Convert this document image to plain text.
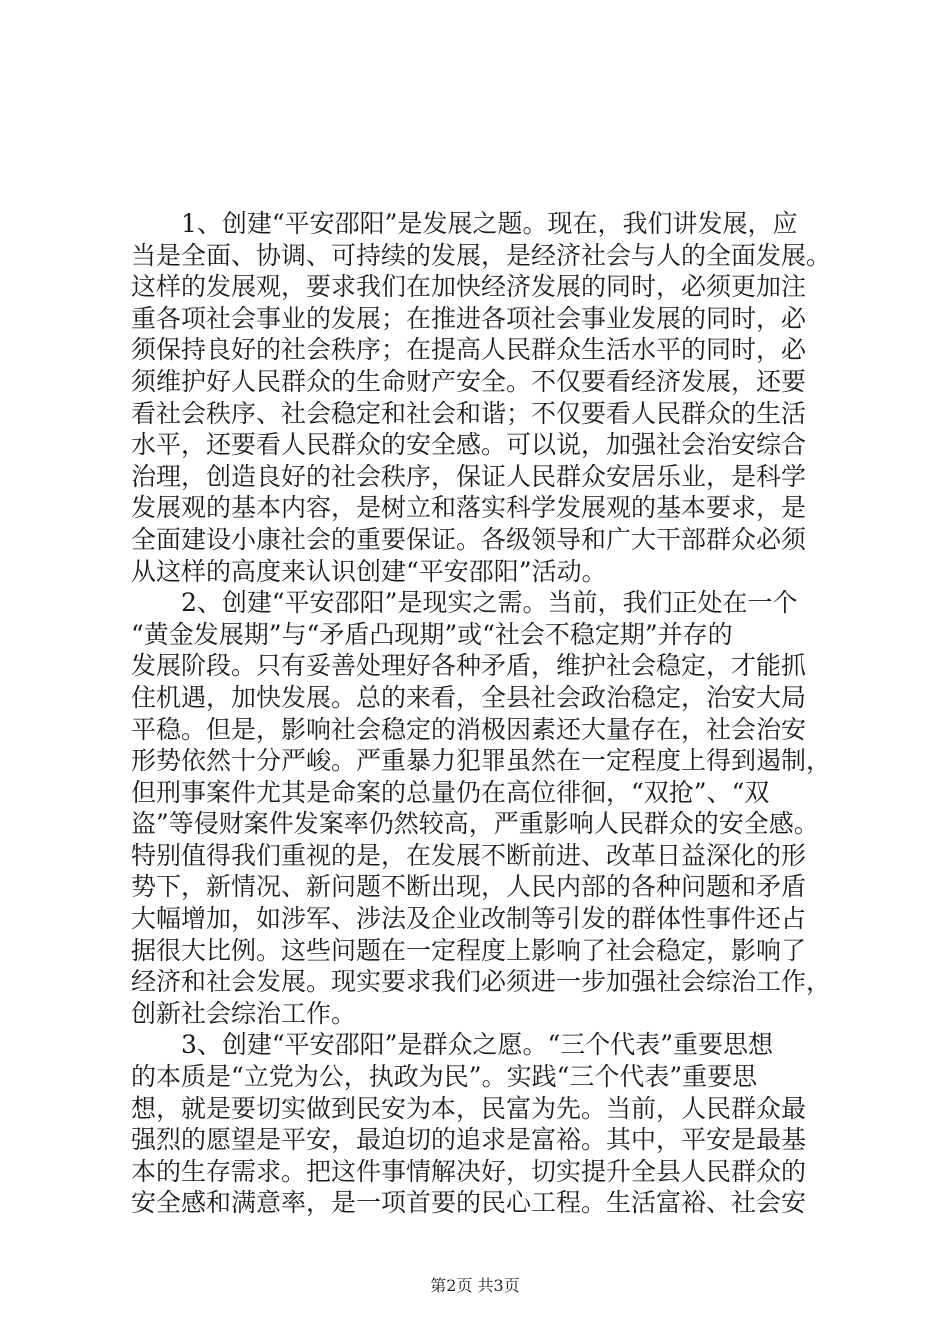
1、创建“平安邵阳”是发展之题。现在，我们讲发展，应
当是全面、协调、可持续的发展，是经济社会与人的全面发展。
这样的发展观，要求我们在加快经济发展的同时，必须更加注
重各项社会事业的发展；在推进各项社会事业发展的同时，必
须保持良好的社会秩序；在提高人民群众生活水平的同时，必
须维护好人民群众的生命财产安全。不仅要看经济发展，还要
看社会秩序、社会稳定和社会和谐；不仅要看人民群众的生活
水平，还要看人民群众的安全感。可以说，加强社会治安综合
治理，创造良好的社会秩序，保证人民群众安居乐业，是科学
发展观的基本内容，是树立和落实科学发展观的基本要求，是
全面建设小康社会的重要保证。各级领导和广大干部群众必须
从这样的高度来认识创建“平安邵阳”活动。
2、创建“平安邵阳”是现实之需。当前，我们正处在一个
“黄金发展期”与“矛盾凸现期”或“社会不稳定期”并存的
发展阶段。只有妥善处理好各种矛盾，维护社会稳定，才能抓
住机遇，加快发展。总的来看，全县社会政治稳定，治安大局
平稳。但是，影响社会稳定的消极因素还大量存在，社会治安
形势依然十分严峻。严重暴力犯罪虽然在一定程度上得到遏制，
但刑事案件尤其是命案的总量仍在高位徘徊，“双抢”、“双
盗”等侵财案件发案率仍然较高，严重影响人民群众的安全感。
特别值得我们重视的是，在发展不断前进、改革日益深化的形
势下，新情况、新问题不断出现，人民内部的各种问题和矛盾
大幅增加，如涉军、涉法及企业改制等引发的群体性事件还占
据很大比例。这些问题在一定程度上影响了社会稳定，影响了
经济和社会发展。现实要求我们必须进一步加强社会综治工作，
创新社会综治工作。
3、创建“平安邵阳”是群众之愿。“三个代表”重要思想
的本质是“立党为公，执政为民”。实践“三个代表”重要思
想，就是要切实做到民安为本，民富为先。当前，人民群众最
强烈的愿望是平安，最迫切的追求是富裕。其中，平安是最基
本的生存需求。把这件事情解决好，切实提升全县人民群众的
安全感和满意率，是一项首要的民心工程。生活富裕、社会安
第2页 共3页
